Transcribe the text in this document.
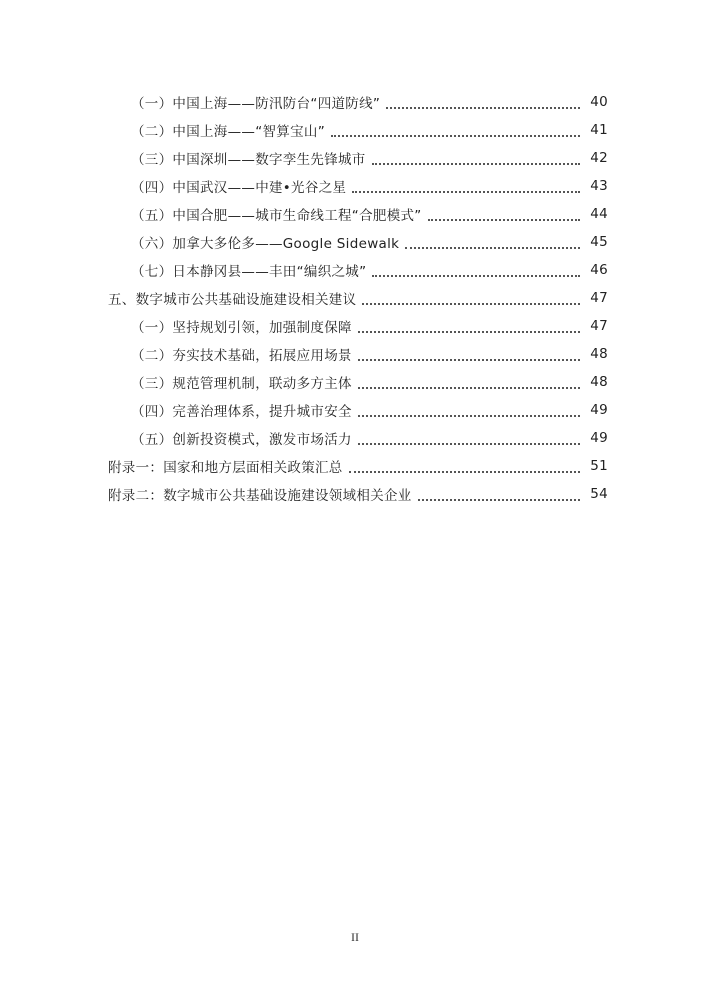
（一）中国上海——防汛防台“四道防线”	40
（二）中国上海——“智算宝山”	41
（三）中国深圳——数字孪生先锋城市	42
（四）中国武汉——中建•光谷之星	43
（五）中国合肥——城市生命线工程“合肥模式”	44
（六）加拿大多伦多——Google Sidewalk	45
（七）日本静冈县——丰田“编织之城”	46
五、数字城市公共基础设施建设相关建议	47
（一）坚持规划引领，加强制度保障	47
（二）夯实技术基础，拓展应用场景	48
（三）规范管理机制，联动多方主体	48
（四）完善治理体系，提升城市安全	49
（五）创新投资模式，激发市场活力	49
附录一：国家和地方层面相关政策汇总	51
附录二：数字城市公共基础设施建设领域相关企业	54
II
